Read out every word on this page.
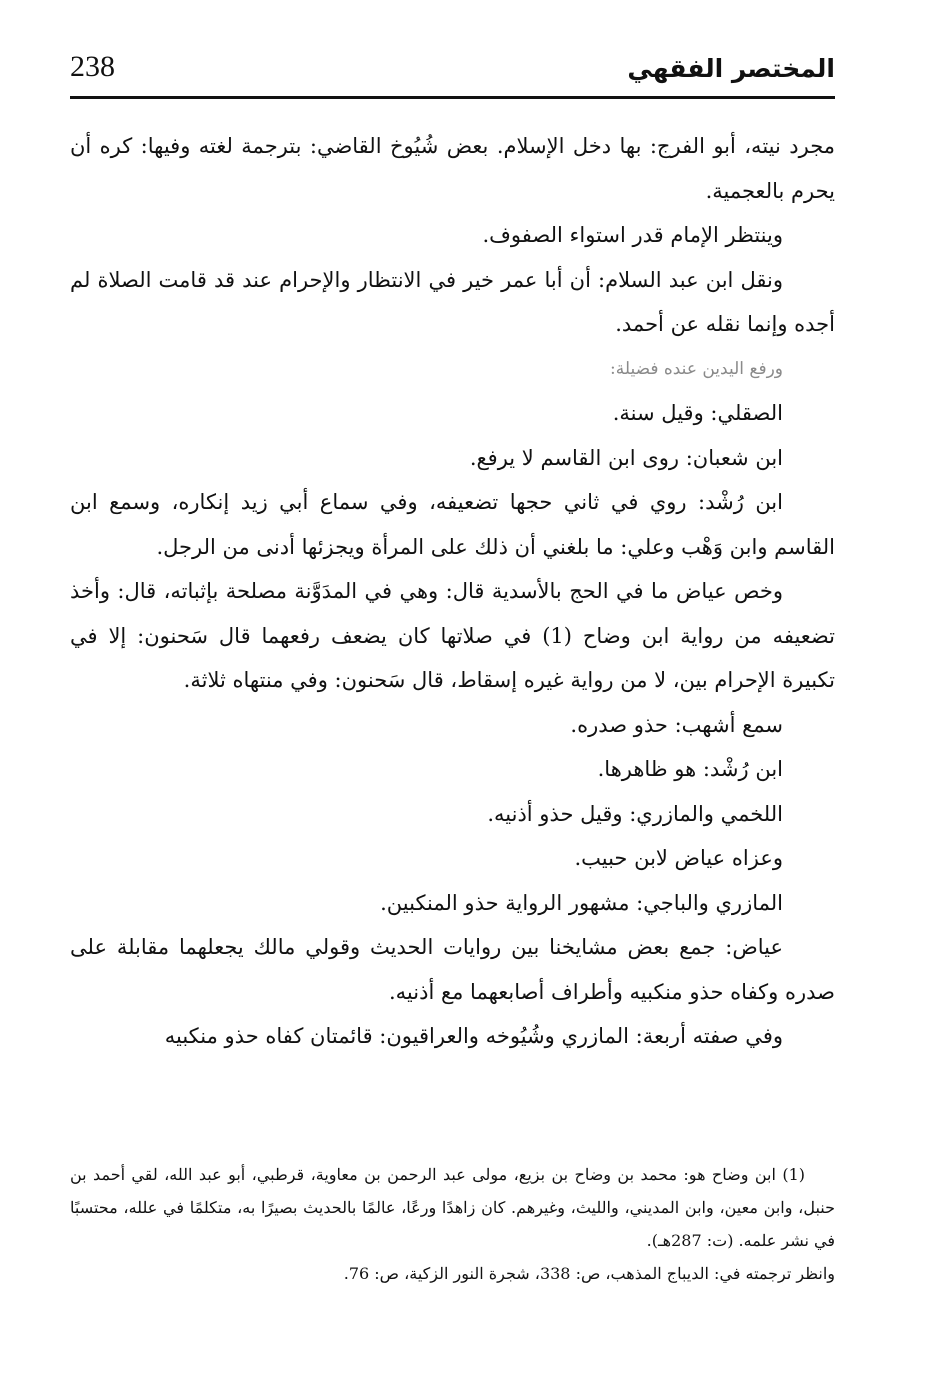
238	المختصر الفقهي

مجرد نيته، أبو الفرج: بها دخل الإسلام. بعض شُيُوخ القاضي: بترجمة لغته وفيها: كره أن يحرم بالعجمية.

وينتظر الإمام قدر استواء الصفوف.

ونقل ابن عبد السلام: أن أبا عمر خير في الانتظار والإحرام عند قد قامت الصلاة لم أجده وإنما نقله عن أحمد.

ورفع اليدين عنده فضيلة:

الصقلي: وقيل سنة.

ابن شعبان: روى ابن القاسم لا يرفع.

ابن رُشْد: روي في ثاني حجها تضعيفه، وفي سماع أبي زيد إنكاره، وسمع ابن القاسم وابن وَهْب وعلي: ما بلغني أن ذلك على المرأة ويجزئها أدنى من الرجل.

وخص عياض ما في الحج بالأسدية قال: وهي في المدَوَّنة مصلحة بإثباته، قال: وأخذ تضعيفه من رواية ابن وضاح (1) في صلاتها كان يضعف رفعهما قال سَحنون: إلا في تكبيرة الإحرام بين، لا من رواية غيره إسقاط، قال سَحنون: وفي منتهاه ثلاثة.

سمع أشهب: حذو صدره.

ابن رُشْد: هو ظاهرها.

اللخمي والمازري: وقيل حذو أذنيه.

وعزاه عياض لابن حبيب.

المازري والباجي: مشهور الرواية حذو المنكبين.

عياض: جمع بعض مشايخنا بين روايات الحديث وقولي مالك يجعلهما مقابلة على صدره وكفاه حذو منكبيه وأطراف أصابعهما مع أذنيه.

وفي صفته أربعة: المازري وشُيُوخه والعراقيون: قائمتان كفاه حذو منكبيه

(1) ابن وضاح هو: محمد بن وضاح بن بزيع، مولى عبد الرحمن بن معاوية، قرطبي، أبو عبد الله، لقي أحمد بن حنبل، وابن معين، وابن المديني، والليث، وغيرهم. كان زاهدًا ورعًا، عالمًا بالحديث بصيرًا به، متكلمًا في علله، محتسبًا في نشر علمه. (ت: 287هـ).

وانظر ترجمته في: الديباج المذهب، ص: 338، شجرة النور الزكية، ص: 76.
